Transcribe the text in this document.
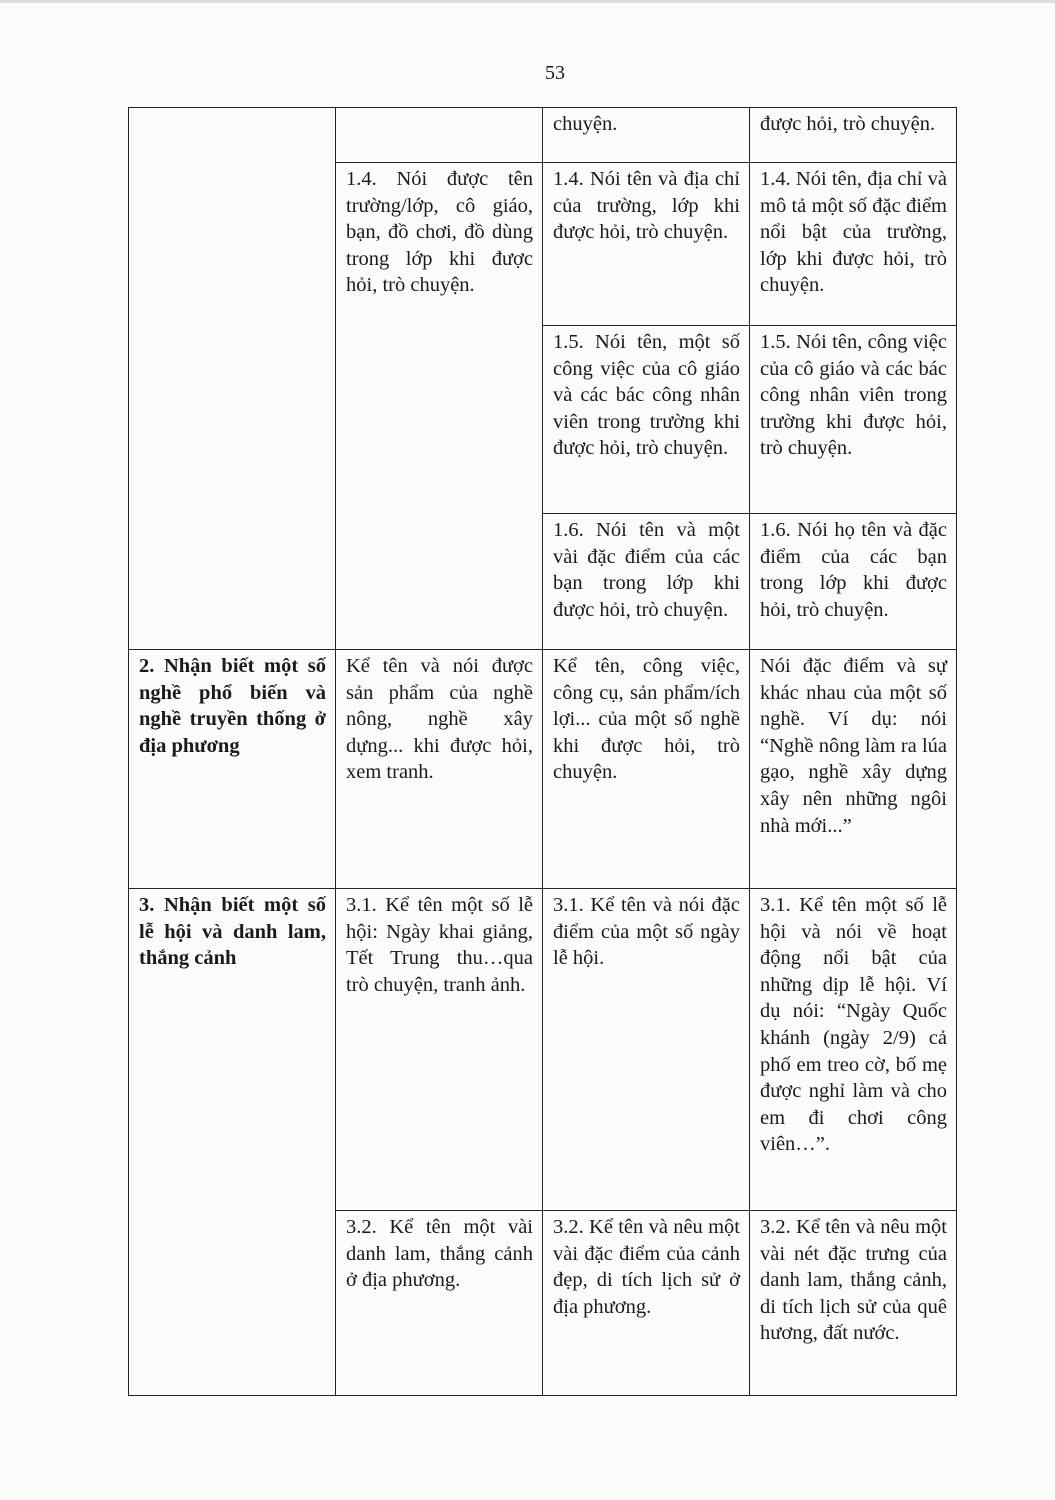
53
		chuyện.	được hỏi, trò chuyện.
	1.4. Nói được tên trường/lớp, cô giáo, bạn, đồ chơi, đồ dùng trong lớp khi được hỏi, trò chuyện.	1.4. Nói tên và địa chỉ của trường, lớp khi được hỏi, trò chuyện.	1.4. Nói tên, địa chỉ và mô tả một số đặc điểm nổi bật của trường, lớp khi được hỏi, trò chuyện.
		1.5. Nói tên, một số công việc của cô giáo và các bác công nhân viên trong trường khi được hỏi, trò chuyện.	1.5. Nói tên, công việc của cô giáo và các bác công nhân viên trong trường khi được hỏi, trò chuyện.
		1.6. Nói tên và một vài đặc điểm của các bạn trong lớp khi được hỏi, trò chuyện.	1.6. Nói họ tên và đặc điểm của các bạn trong lớp khi được hỏi, trò chuyện.
2. Nhận biết một số nghề phổ biến và nghề truyền thống ở địa phương	Kể tên và nói được sản phẩm của nghề nông, nghề xây dựng... khi được hỏi, xem tranh.	Kể tên, công việc, công cụ, sản phẩm/ích lợi... của một số nghề khi được hỏi, trò chuyện.	Nói đặc điểm và sự khác nhau của một số nghề. Ví dụ: nói “Nghề nông làm ra lúa gạo, nghề xây dựng xây nên những ngôi nhà mới...”
3. Nhận biết một số lễ hội và danh lam, thắng cảnh	3.1. Kể tên một số lễ hội: Ngày khai giảng, Tết Trung thu…qua trò chuyện, tranh ảnh.	3.1. Kể tên và nói đặc điểm của một số ngày lễ hội.	3.1. Kể tên một số lễ hội và nói về hoạt động nổi bật của những dịp lễ hội. Ví dụ nói: “Ngày Quốc khánh (ngày 2/9) cả phố em treo cờ, bố mẹ được nghỉ làm và cho em đi chơi công viên…”.
	3.2. Kể tên một vài danh lam, thắng cảnh ở địa phương.	3.2. Kể tên và nêu một vài đặc điểm của cảnh đẹp, di tích lịch sử ở địa phương.	3.2. Kể tên và nêu một vài nét đặc trưng của danh lam, thắng cảnh, di tích lịch sử của quê hương, đất nước.
